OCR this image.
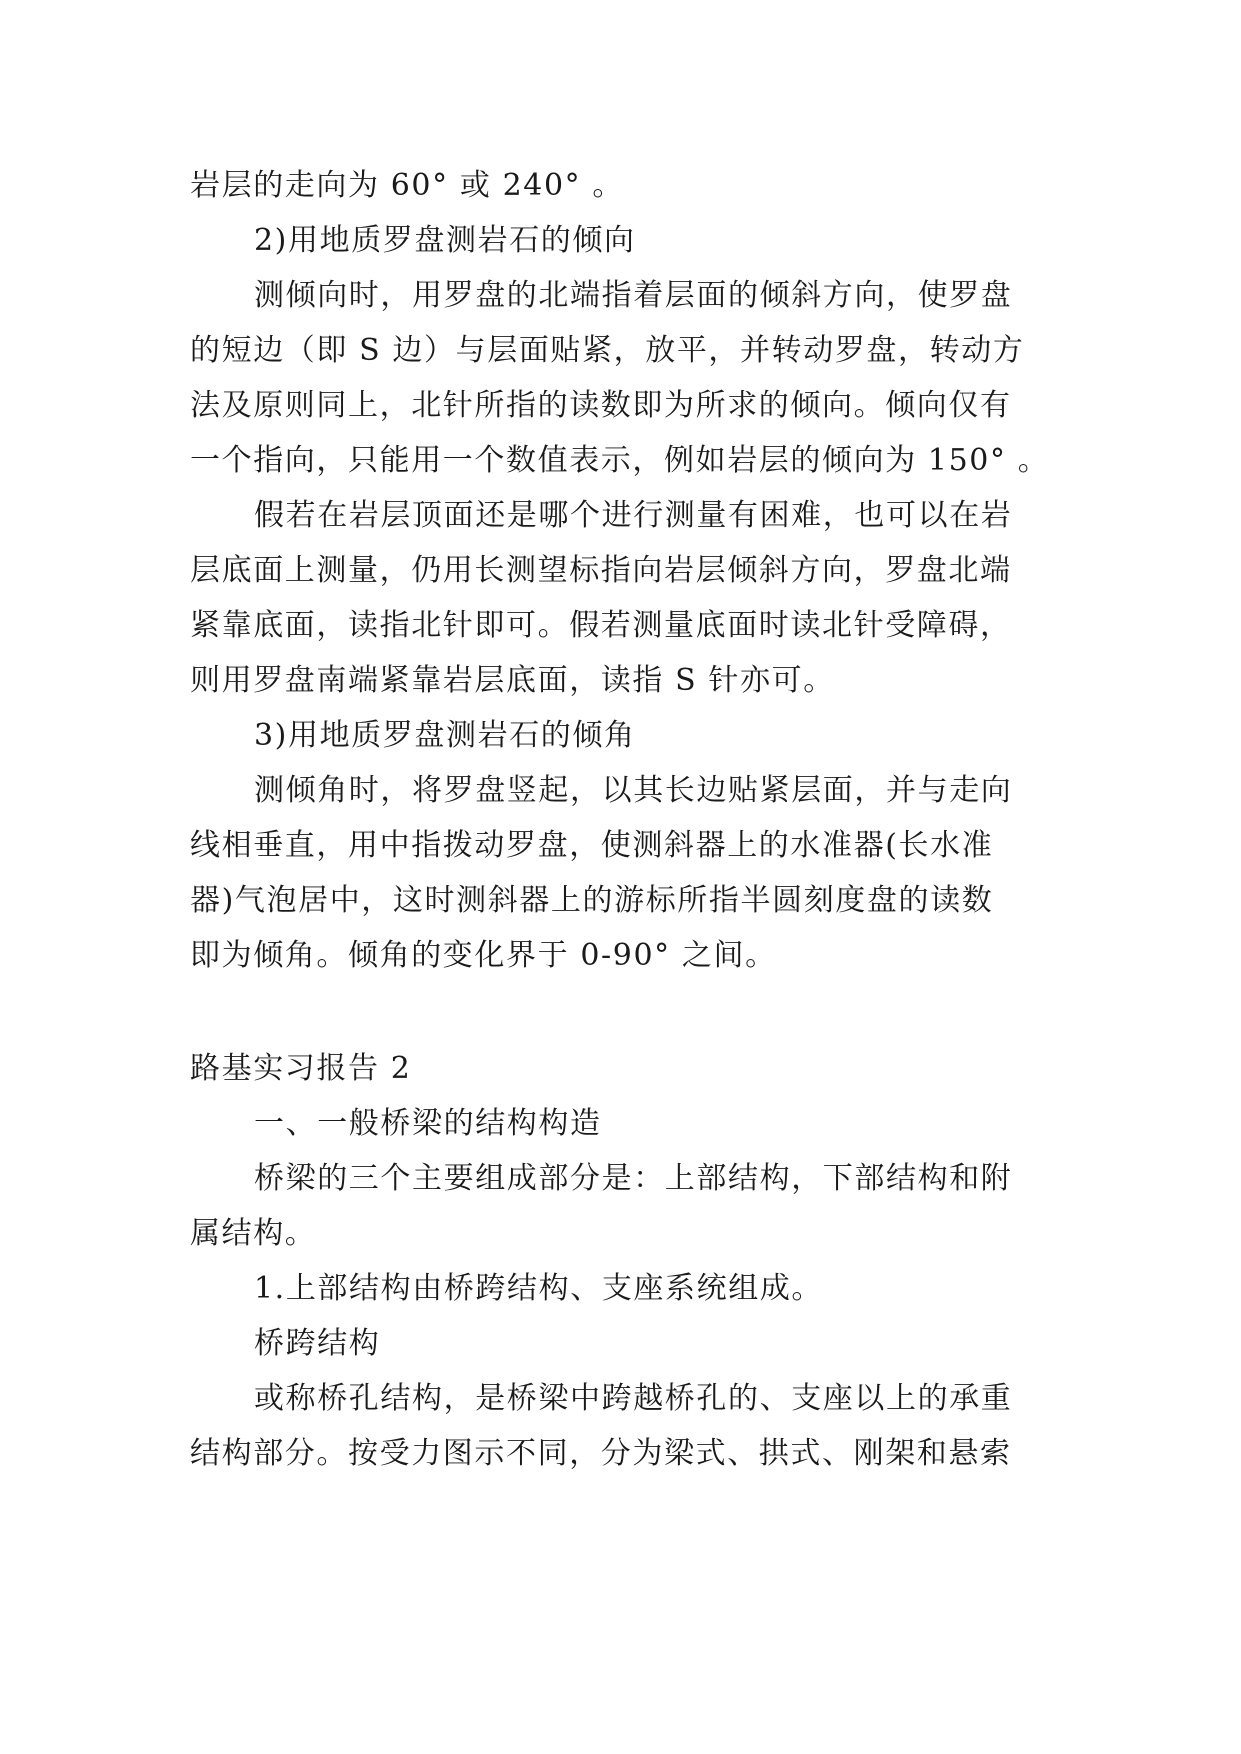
岩层的走向为 60° 或 240° 。
2)用地质罗盘测岩石的倾向
测倾向时，用罗盘的北端指着层面的倾斜方向，使罗盘
的短边（即 S 边）与层面贴紧，放平，并转动罗盘，转动方
法及原则同上，北针所指的读数即为所求的倾向。倾向仅有
一个指向，只能用一个数值表示，例如岩层的倾向为 150° 。
假若在岩层顶面还是哪个进行测量有困难，也可以在岩
层底面上测量，仍用长测望标指向岩层倾斜方向，罗盘北端
紧靠底面，读指北针即可。假若测量底面时读北针受障碍，
则用罗盘南端紧靠岩层底面，读指 S 针亦可。
3)用地质罗盘测岩石的倾角
测倾角时，将罗盘竖起，以其长边贴紧层面，并与走向
线相垂直，用中指拨动罗盘，使测斜器上的水准器(长水准
器)气泡居中，这时测斜器上的游标所指半圆刻度盘的读数
即为倾角。倾角的变化界于 0-90° 之间。
路基实习报告 2
一、一般桥梁的结构构造
桥梁的三个主要组成部分是：上部结构，下部结构和附
属结构。
1.上部结构由桥跨结构、支座系统组成。
桥跨结构
或称桥孔结构，是桥梁中跨越桥孔的、支座以上的承重
结构部分。按受力图示不同，分为梁式、拱式、刚架和悬索
